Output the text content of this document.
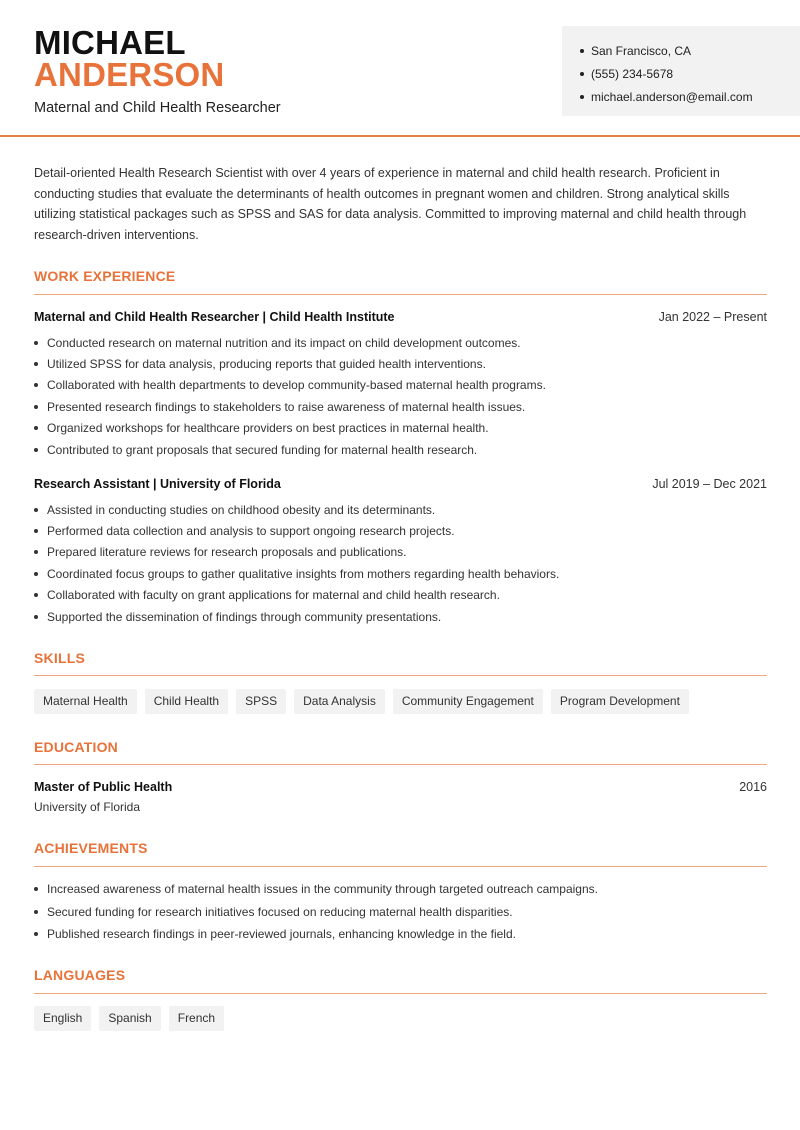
MICHAEL
ANDERSON
Maternal and Child Health Researcher
San Francisco, CA
(555) 234-5678
michael.anderson@email.com

Detail-oriented Health Research Scientist with over 4 years of experience in maternal and child health research. Proficient in conducting studies that evaluate the determinants of health outcomes in pregnant women and children. Strong analytical skills utilizing statistical packages such as SPSS and SAS for data analysis. Committed to improving maternal and child health through research-driven interventions.

WORK EXPERIENCE
Maternal and Child Health Researcher | Child Health Institute	Jan 2022 – Present
Conducted research on maternal nutrition and its impact on child development outcomes.
Utilized SPSS for data analysis, producing reports that guided health interventions.
Collaborated with health departments to develop community-based maternal health programs.
Presented research findings to stakeholders to raise awareness of maternal health issues.
Organized workshops for healthcare providers on best practices in maternal health.
Contributed to grant proposals that secured funding for maternal health research.
Research Assistant | University of Florida	Jul 2019 – Dec 2021
Assisted in conducting studies on childhood obesity and its determinants.
Performed data collection and analysis to support ongoing research projects.
Prepared literature reviews for research proposals and publications.
Coordinated focus groups to gather qualitative insights from mothers regarding health behaviors.
Collaborated with faculty on grant applications for maternal and child health research.
Supported the dissemination of findings through community presentations.
SKILLS
Maternal Health	Child Health	SPSS	Data Analysis	Community Engagement	Program Development
EDUCATION
Master of Public Health	2016
University of Florida
ACHIEVEMENTS
Increased awareness of maternal health issues in the community through targeted outreach campaigns.
Secured funding for research initiatives focused on reducing maternal health disparities.
Published research findings in peer-reviewed journals, enhancing knowledge in the field.
LANGUAGES
English	Spanish	French
